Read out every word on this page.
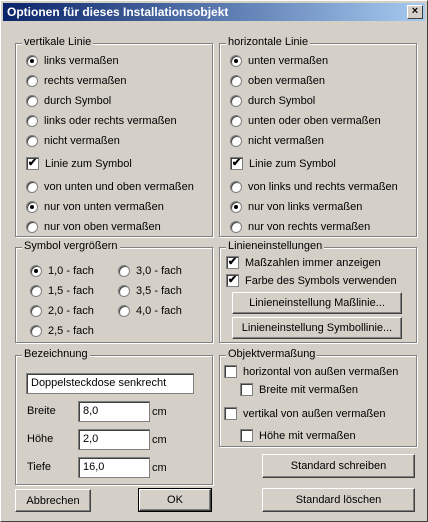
Optionen für dieses Installationsobjekt	×
vertikale Linie
links vermaßen
rechts vermaßen
durch Symbol
links oder rechts vermaßen
nicht vermaßen
✔ Linie zum Symbol
von unten und oben vermaßen
nur von unten vermaßen
nur von oben vermaßen
horizontale Linie
unten vermaßen
oben vermaßen
durch Symbol
unten oder oben vermaßen
nicht vermaßen
✔ Linie zum Symbol
von links und rechts vermaßen
nur von links vermaßen
nur von rechts vermaßen
Symbol vergrößern
1,0 - fach
1,5 - fach
2,0 - fach
2,5 - fach
3,0 - fach
3,5 - fach
4,0 - fach
Linieneinstellungen
✔ Maßzahlen immer anzeigen
✔ Farbe des Symbols verwenden
Linieneinstellung Maßlinie...
Linieneinstellung Symbollinie...
Bezeichnung
Doppelsteckdose senkrecht
Breite	8,0	cm
Höhe	2,0	cm
Tiefe	16,0	cm
Objektvermaßung
horizontal von außen vermaßen
Breite mit vermaßen
vertikal von außen vermaßen
Höhe mit vermaßen
Standard schreiben
Abbrechen	OK	Standard löschen
